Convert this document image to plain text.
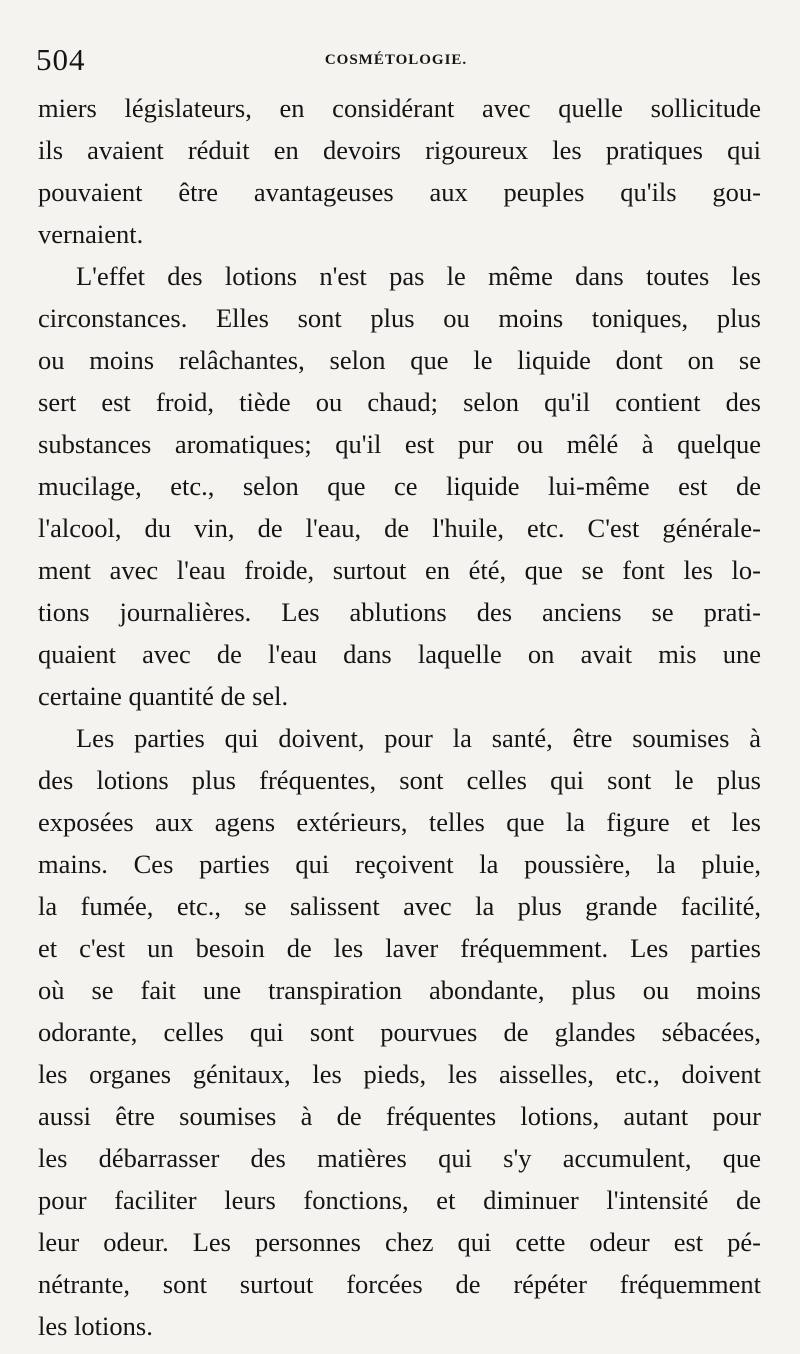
504	COSMÉTOLOGIE.
miers législateurs, en considérant avec quelle sollicitude
ils avaient réduit en devoirs rigoureux les pratiques qui
pouvaient être avantageuses aux peuples qu'ils gou-
vernaient.
L'effet des lotions n'est pas le même dans toutes les
circonstances. Elles sont plus ou moins toniques, plus
ou moins relâchantes, selon que le liquide dont on se
sert est froid, tiède ou chaud; selon qu'il contient des
substances aromatiques; qu'il est pur ou mêlé à quelque
mucilage, etc., selon que ce liquide lui-même est de
l'alcool, du vin, de l'eau, de l'huile, etc. C'est générale-
ment avec l'eau froide, surtout en été, que se font les lo-
tions journalières. Les ablutions des anciens se prati-
quaient avec de l'eau dans laquelle on avait mis une
certaine quantité de sel.
Les parties qui doivent, pour la santé, être soumises à
des lotions plus fréquentes, sont celles qui sont le plus
exposées aux agens extérieurs, telles que la figure et les
mains. Ces parties qui reçoivent la poussière, la pluie,
la fumée, etc., se salissent avec la plus grande facilité,
et c'est un besoin de les laver fréquemment. Les parties
où se fait une transpiration abondante, plus ou moins
odorante, celles qui sont pourvues de glandes sébacées,
les organes génitaux, les pieds, les aisselles, etc., doivent
aussi être soumises à de fréquentes lotions, autant pour
les débarrasser des matières qui s'y accumulent, que
pour faciliter leurs fonctions, et diminuer l'intensité de
leur odeur. Les personnes chez qui cette odeur est pé-
nétrante, sont surtout forcées de répéter fréquemment
les lotions.
